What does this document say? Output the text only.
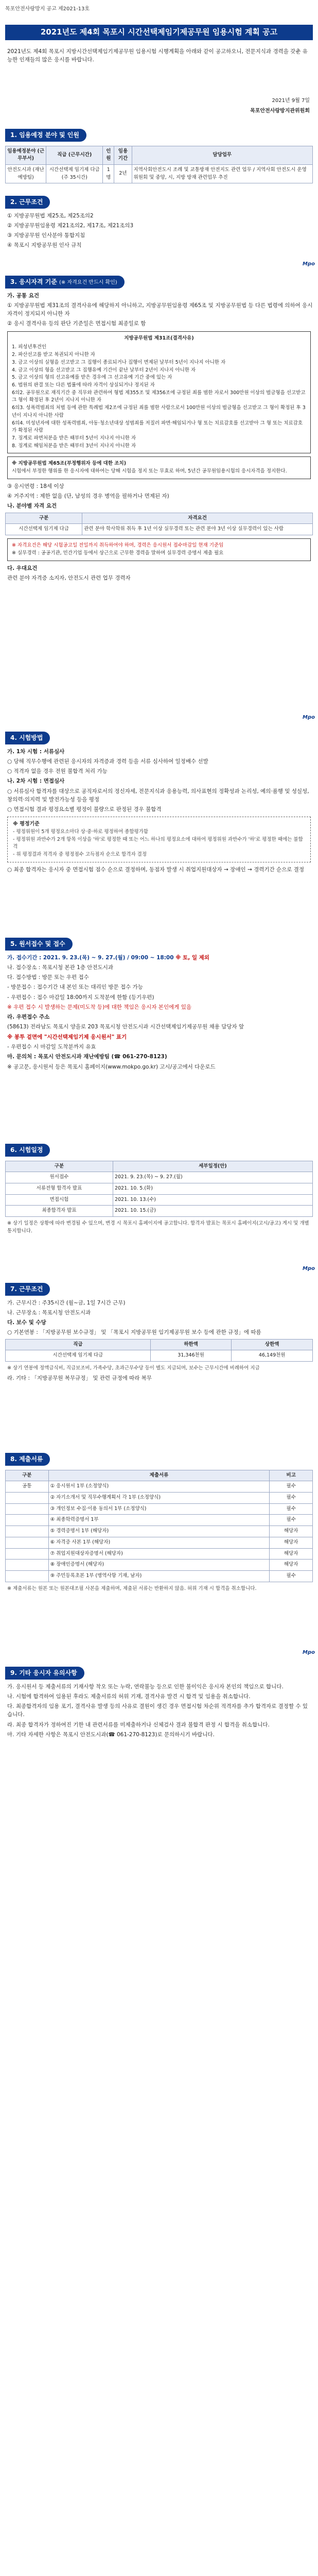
목포안전사랑방지 공고 제2021-13호
2021년도 제4회 목포시 시간선택제임기제공무원 임용시험 계획 공고
2021년도 제4회 목포시 지방시간선택제임기제공무원 임용시험 시행계획을 아래와 같이 공고하오니, 전문지식과 경력을 갖춘 유능한 인재들의 많은 응시를 바랍니다.
2021년 9월 7일
목포안전사랑방지관위원회
1. 임용예정 분야 및 인원
임용예정분야 (근무부서)	직급 (근무시간)	인원	임용기간	담당업무
안전도시과 (재난예방팀)	시간선택제 임기제 다급 (주 35시간)	1명	2년	지역사회안전도시 조례 및 교통방재 안전지도 관련 업무 / 지역사회 안전도시 운영 위원회 및 중앙, 시, 지방 방재 관련업무 추진
2. 근무조건

① 지방공무원법 제25조, 제25조의2

② 지방공무원임용령 제21조의2, 제17조, 제21조의3

③ 지방공무원 인사분야 통합지침

④ 목포시 지방공무원 인사 규칙

Mpo
3. 응시자격 기준 (※ 자격요건 반드시 확인)

가. 공통 요건

① 지방공무원법 제31조의 결격사유에 해당하지 아니하고, 지방공무원임용령 제65조 및 지방공무원법 등 다른 법령에 의하여 응시자격이 정지되지 아니한 자

② 응시 결격사유 등의 판단 기준일은 면접시험 최종일로 함

지방공무원법 제31조(결격사유)
1. 피성년후견인
2. 파산선고를 받고 복권되지 아니한 자
3. 금고 이상의 실형을 선고받고 그 집행이 종료되거나 집행이 면제된 날부터 5년이 지나지 아니한 자
4. 금고 이상의 형을 선고받고 그 집행유예 기간이 끝난 날부터 2년이 지나지 아니한 자
5. 금고 이상의 형의 선고유예를 받은 경우에 그 선고유예 기간 중에 있는 자
6. 법원의 판결 또는 다른 법률에 따라 자격이 상실되거나 정지된 자
6의2. 공무원으로 재직기간 중 직무와 관련하여 형법 제355조 및 제356조에 규정된 죄를 범한 자로서 300만원 이상의 벌금형을 선고받고 그 형이 확정된 후 2년이 지나지 아니한 자
6의3. 성폭력범죄의 처벌 등에 관한 특례법 제2조에 규정된 죄를 범한 사람으로서 100만원 이상의 벌금형을 선고받고 그 형이 확정된 후 3년이 지나지 아니한 사람
6의4. 미성년자에 대한 성폭력범죄, 아동·청소년대상 성범죄를 저질러 파면·해임되거나 형 또는 치료감호를 선고받아 그 형 또는 치료감호가 확정된 사람
7. 징계로 파면처분을 받은 때부터 5년이 지나지 아니한 자
8. 징계로 해임처분을 받은 때부터 3년이 지나지 아니한 자
※ 지방공무원법 제65조(부정행위자 등에 대한 조치)
시험에서 부정한 행위를 한 응시자에 대하여는 당해 시험을 정지 또는 무효로 하며, 5년간 공무원임용시험의 응시자격을 정지한다.

③ 응시연령 : 18세 이상

④ 거주지역 : 제한 없음 (단, 남성의 경우 병역을 필하거나 면제된 자)

나. 분야별 자격 요건

구분	자격요건
시간선택제 임기제 다급	관련 분야 학사학위 취득 후 1년 이상 실무경력 또는 관련 분야 3년 이상 실무경력이 있는 사람
※ 자격요건은 해당 시험공고일 전일까지 취득하여야 하며, 경력은 응시원서 접수마감일 현재 기준임
※ 실무경력 : 공공기관, 민간기업 등에서 상근으로 근무한 경력을 말하며 실무경력 증명서 제출 필요

다. 우대요건

관련 분야 자격증 소지자, 안전도시 관련 업무 경력자

Mpo
4. 시험방법

가. 1차 시험 : 서류심사

○ 당해 직무수행에 관련된 응시자의 자격증과 경력 등을 서류 심사하여 일정배수 선발

○ 적격자 없을 경우 전원 불합격 처리 가능

나. 2차 시험 : 면접심사

○ 서류심사 합격자를 대상으로 공직자로서의 정신자세, 전문지식과 응용능력, 의사표현의 정확성과 논리성, 예의·품행 및 성실성, 창의력·의지력 및 발전가능성 등을 평정

○ 면접시험 결과 평정요소별 평정이 불량으로 판정된 경우 불합격

※ 평정기준
- 평정위원이 5개 평정요소마다 상·중·하로 평정하여 종합평가함
- 평정위원 과반수가 2개 항목 이상을 '하'로 평정한 때 또는 어느 하나의 평정요소에 대하여 평정위원 과반수가 '하'로 평정한 때에는 불합격
- 위 평정결과 적격자 중 평정점수 고득점자 순으로 합격자 결정

○ 최종 합격자는 응시자 중 면접시험 점수 순으로 결정하며, 동점자 발생 시 취업지원대상자 → 장애인 → 경력기간 순으로 결정

5. 원서접수 및 접수

가. 접수기간 : 2021. 9. 23.(목) ~ 9. 27.(월) / 09:00 ~ 18:00 ※ 토, 일 제외

나. 접수장소 : 목포시청 본관 1층 안전도시과

다. 접수방법 : 방문 또는 우편 접수

- 방문접수 : 접수기간 내 본인 또는 대리인 방문 접수 가능

- 우편접수 : 접수 마감일 18:00까지 도착분에 한함 (등기우편)

※ 우편 접수 시 발생하는 문제(미도착 등)에 대한 책임은 응시자 본인에게 있음

라. 우편접수 주소

(58613) 전라남도 목포시 양을로 203 목포시청 안전도시과 시간선택제임기제공무원 채용 담당자 앞

※ 봉투 겉면에 "시간선택제임기제 응시원서" 표기

- 우편접수 시 마감일 도착분까지 유효

마. 문의처 : 목포시 안전도시과 재난예방팀 (☎ 061-270-8123)

※ 공고문, 응시원서 등은 목포시 홈페이지(www.mokpo.go.kr) 고시/공고에서 다운로드

6. 시험일정
구분	세부일정(안)
원서접수	2021. 9. 23.(목) ~ 9. 27.(월)
서류전형 합격자 발표	2021. 10. 5.(화)
면접시험	2021. 10. 13.(수)
최종합격자 발표	2021. 10. 15.(금)
※ 상기 일정은 상황에 따라 변경될 수 있으며, 변경 시 목포시 홈페이지에 공고합니다. 합격자 발표는 목포시 홈페이지(고시/공고) 게시 및 개별 통지합니다.
Mpo
7. 근무조건

가. 근무시간 : 주35시간 (월~금, 1일 7시간 근무)

나. 근무장소 : 목포시청 안전도시과

다. 보수 및 수당

○ 기본연봉 : 「지방공무원 보수규정」 및 「목포시 지방공무원 임기제공무원 보수 등에 관한 규정」에 따름

직급	하한액	상한액
시간선택제 임기제 다급	31,346천원	46,149천원

※ 상기 연봉에 정액급식비, 직급보조비, 가족수당, 초과근무수당 등이 별도 지급되며, 보수는 근무시간에 비례하여 지급

라. 기타 : 「지방공무원 복무규정」 및 관련 규정에 따라 복무

8. 제출서류
구분	제출서류	비고
공통	① 응시원서 1부 (소정양식)	필수
	② 자기소개서 및 직무수행계획서 각 1부 (소정양식)	필수
	③ 개인정보 수집·이용 동의서 1부 (소정양식)	필수
	④ 최종학력증명서 1부	필수
	⑤ 경력증명서 1부 (해당자)	해당자
	⑥ 자격증 사본 1부 (해당자)	해당자
	⑦ 취업지원대상자증명서 (해당자)	해당자
	⑧ 장애인증명서 (해당자)	해당자
	⑨ 주민등록초본 1부 (병역사항 기재, 남자)	필수
※ 제출서류는 원본 또는 원본대조필 사본을 제출하며, 제출된 서류는 반환하지 않음. 허위 기재 시 합격을 취소합니다.
Mpo
9. 기타 응시자 유의사항

가. 응시원서 등 제출서류의 기재사항 착오 또는 누락, 연락불능 등으로 인한 불이익은 응시자 본인의 책임으로 합니다.

나. 시험에 합격하여 임용된 후라도 제출서류의 허위 기재, 결격사유 발견 시 합격 및 임용을 취소합니다.

다. 최종합격자의 임용 포기, 결격사유 발생 등의 사유로 결원이 생긴 경우 면접시험 차순위 적격자를 추가 합격자로 결정할 수 있습니다.

라. 최종 합격자가 정하여진 기한 내 관련서류를 미제출하거나 신체검사 결과 불합격 판정 시 합격을 취소합니다.

마. 기타 자세한 사항은 목포시 안전도시과(☎ 061-270-8123)로 문의하시기 바랍니다.
